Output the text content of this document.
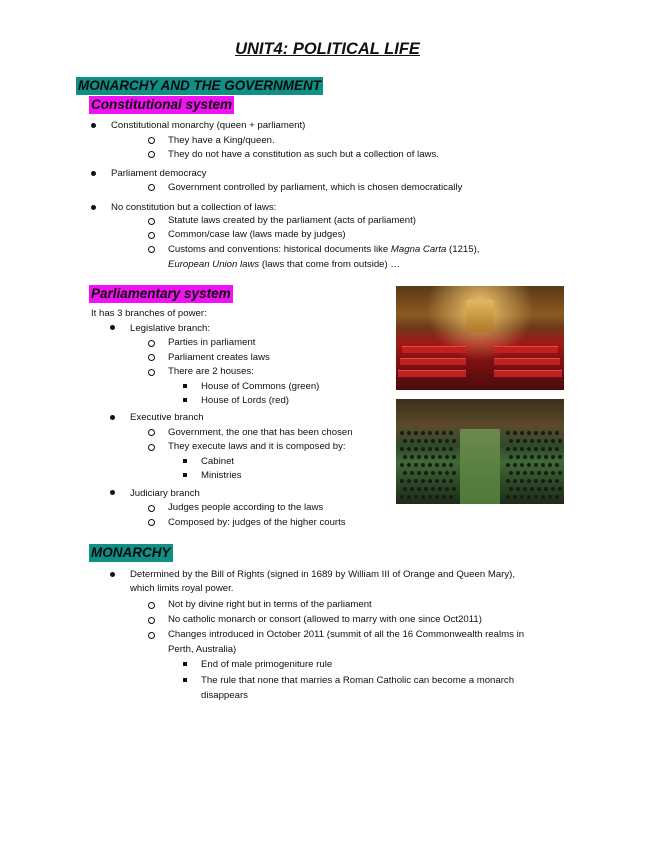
UNIT4: POLITICAL LIFE
MONARCHY AND THE GOVERNMENT
Constitutional system
Constitutional monarchy (queen + parliament)
They have a King/queen.
They do not have a constitution as such but a collection of laws.
Parliament democracy
Government controlled by parliament, which is chosen democratically
No constitution but a collection of laws:
Statute laws created by the parliament (acts of parliament)
Common/case law (laws made by judges)
Customs and conventions: historical documents like Magna Carta (1215),
European Union laws (laws that come from outside) …
Parliamentary system
It has 3 branches of power:
Legislative branch:
Parties in parliament
Parliament creates laws
There are 2 houses:
House of Commons (green)
House of Lords (red)
Executive branch
Government, the one that has been chosen
They execute laws and it is composed by:
Cabinet
Ministries
Judiciary branch
Judges people according to the laws
Composed by: judges of the higher courts
MONARCHY
Determined by the Bill of Rights (signed in 1689 by William III of Orange and Queen Mary),
which limits royal power.
Not by divine right but in terms of the parliament
No catholic monarch or consort (allowed to marry with one since Oct2011)
Changes introduced in October 2011 (summit of all the 16 Commonwealth realms in
Perth, Australia)
End of male primogeniture rule
The rule that none that marries a Roman Catholic can become a monarch
disappears
